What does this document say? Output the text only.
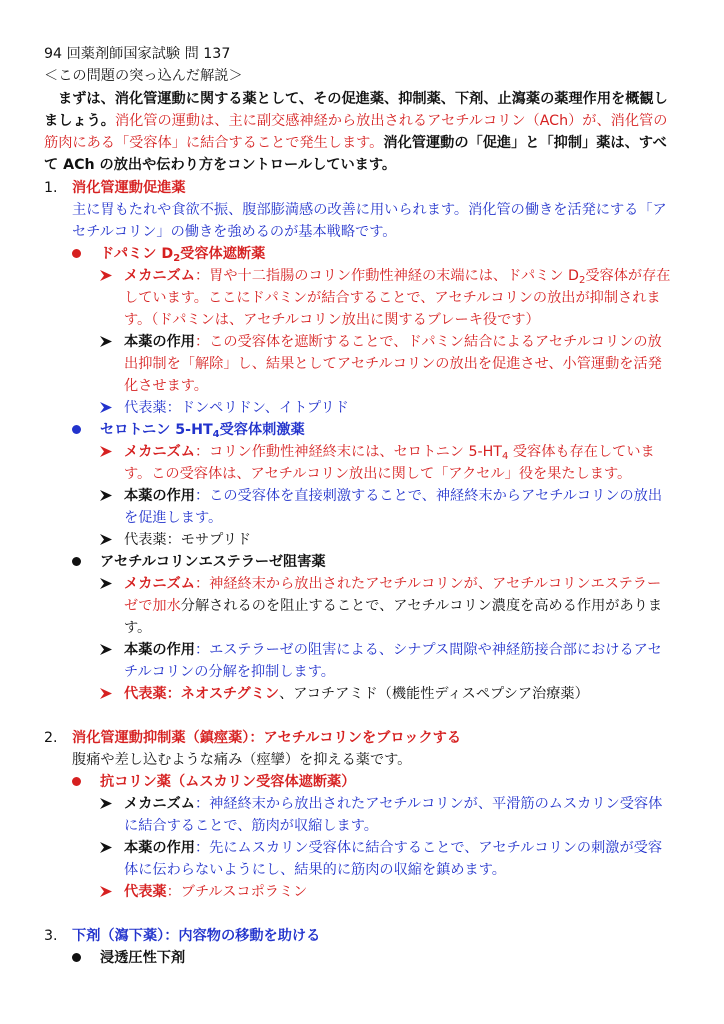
94 回薬剤師国家試験 問 137
＜この問題の突っ込んだ解説＞
まずは、消化管運動に関する薬として、その促進薬、抑制薬、下剤、止瀉薬の薬理作用を概観し
ましょう。消化管の運動は、主に副交感神経から放出されるアセチルコリン（ACh）が、消化管の
筋肉にある「受容体」に結合することで発生します。消化管運動の「促進」と「抑制」薬は、すべ
て ACh の放出や伝わり方をコントロールしています。
1. 消化管運動促進薬
主に胃もたれや食欲不振、腹部膨満感の改善に用いられます。消化管の働きを活発にする「ア
セチルコリン」の働きを強めるのが基本戦略です。
ドパミン $D_2$受容体遮断薬
メカニズム：胃や十二指腸のコリン作動性神経の末端には、ドパミン $D_2$受容体が存在
しています。ここにドパミンが結合することで、アセチルコリンの放出が抑制されま
す。（ドパミンは、アセチルコリン放出に関するブレーキ役です）
本薬の作用：この受容体を遮断することで、ドパミン結合によるアセチルコリンの放
出抑制を「解除」し、結果としてアセチルコリンの放出を促進させ、小管運動を活発
化させます。
代表薬：ドンペリドン、イトプリド
セロトニン $5-HT_4$受容体刺激薬
メカニズム：コリン作動性神経終末には、セロトニン $5-HT_4$ 受容体も存在していま
す。この受容体は、アセチルコリン放出に関して「アクセル」役を果たします。
本薬の作用：この受容体を直接刺激することで、神経終末からアセチルコリンの放出
を促進します。
代表薬：モサプリド
アセチルコリンエステラーゼ阻害薬
メカニズム：神経終末から放出されたアセチルコリンが、アセチルコリンエステラー
ゼで加水分解されるのを阻止することで、アセチルコリン濃度を高める作用がありま
す。
本薬の作用：エステラーゼの阻害による、シナプス間隙や神経筋接合部におけるアセ
チルコリンの分解を抑制します。
代表薬：ネオスチグミン、アコチアミド（機能性ディスペプシア治療薬）
2. 消化管運動抑制薬（鎮痙薬）：アセチルコリンをブロックする
腹痛や差し込むような痛み（痙攣）を抑える薬です。
抗コリン薬（ムスカリン受容体遮断薬）
メカニズム：神経終末から放出されたアセチルコリンが、平滑筋のムスカリン受容体
に結合することで、筋肉が収縮します。
本薬の作用：先にムスカリン受容体に結合することで、アセチルコリンの刺激が受容
体に伝わらないようにし、結果的に筋肉の収縮を鎮めます。
代表薬：ブチルスコポラミン
3. 下剤（瀉下薬）：内容物の移動を助ける
浸透圧性下剤
